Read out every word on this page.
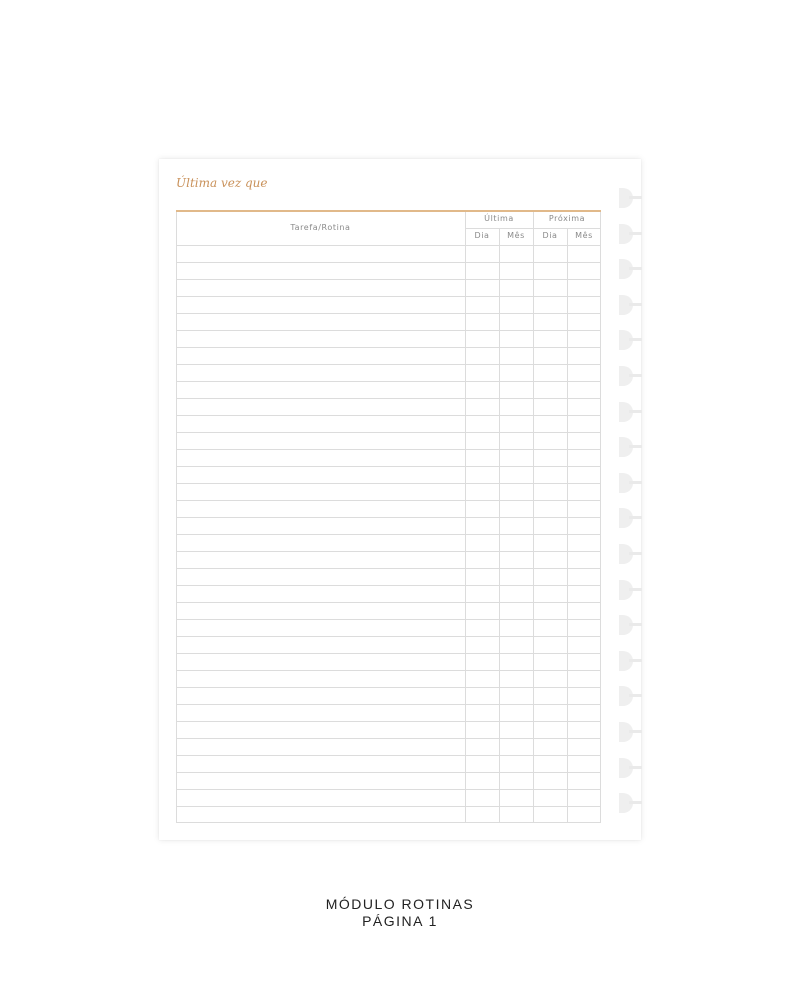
Última vez que
Tarefa/Rotina
Última	Próxima
Dia	Mês	Dia	Mês
MÓDULO ROTINAS
PÁGINA 1
